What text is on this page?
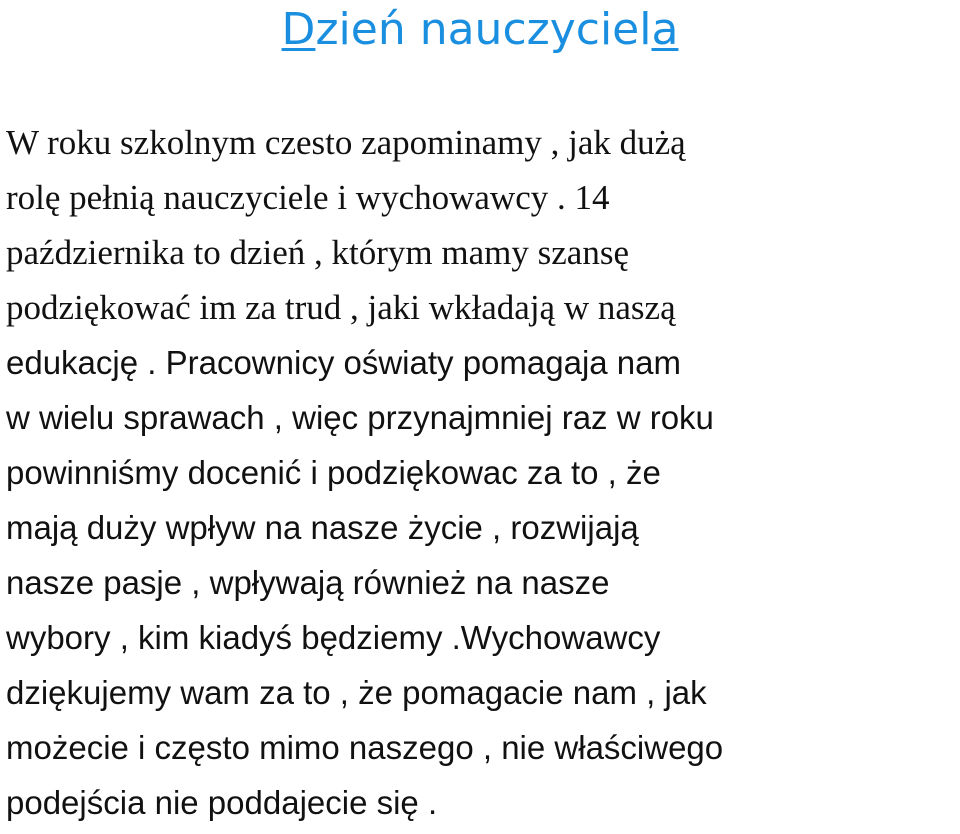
Dzień nauczyciela
W roku szkolnym czesto zapominamy , jak dużą
rolę pełnią nauczyciele i wychowawcy . 14
października to dzień , którym mamy szansę
podziękować im za trud , jaki wkładają w naszą
edukację . Pracownicy oświaty pomagaja nam
w wielu sprawach , więc przynajmniej raz w roku
powinniśmy docenić i podziękowac za to , że
mają duży wpływ na nasze życie , rozwijają
nasze pasje , wpływają również na nasze
wybory , kim kiadyś będziemy .Wychowawcy
dziękujemy wam za to , że pomagacie nam , jak
możecie i często mimo naszego , nie właściwego
podejścia nie poddajecie się .
